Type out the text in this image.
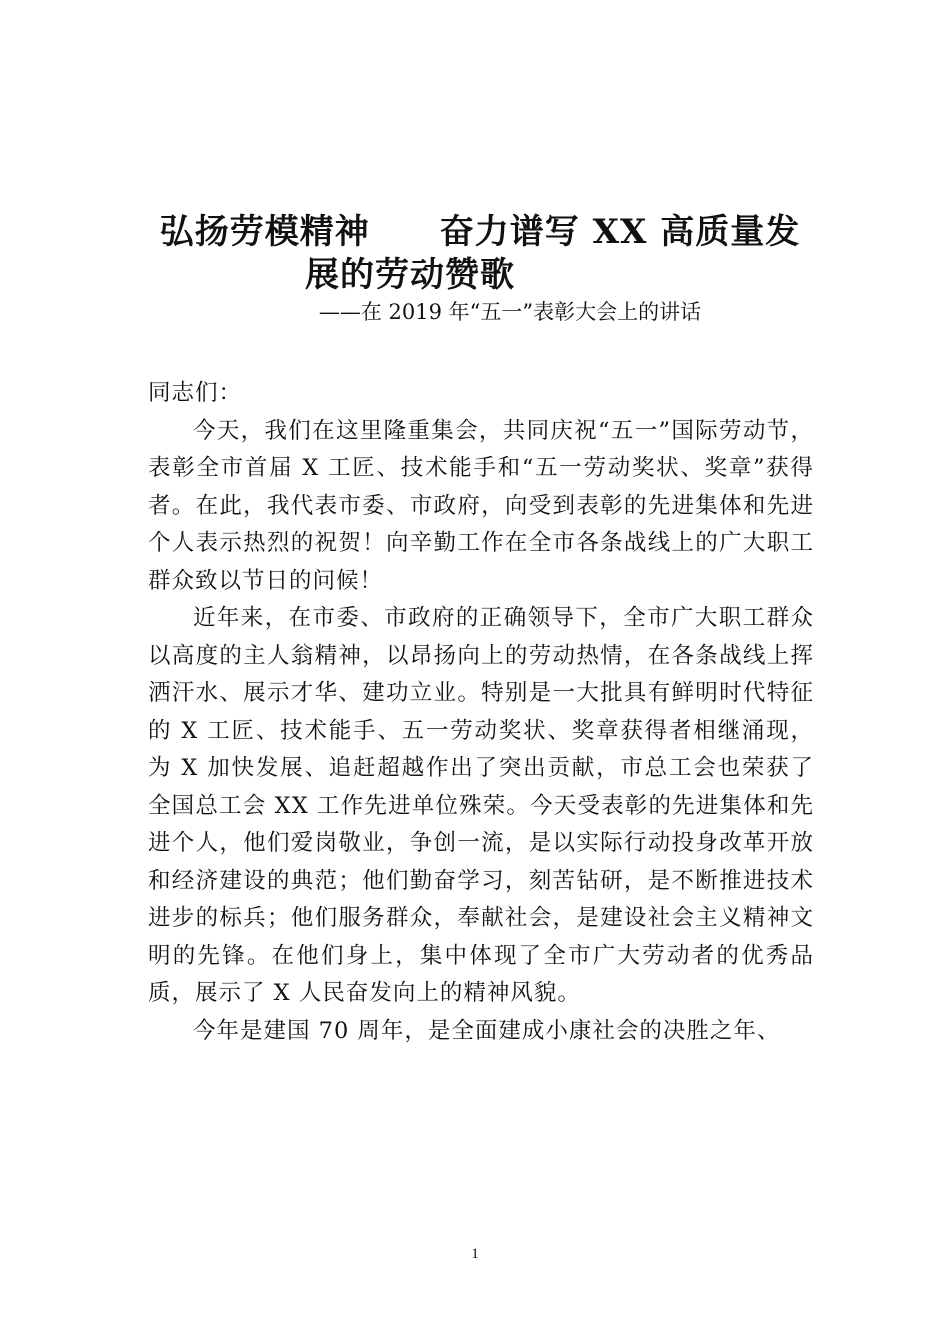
弘扬劳模精神　　奋力谱写 XX 高质量发
展的劳动赞歌

——在 2019 年“五一”表彰大会上的讲话

同志们：

今天，我们在这里隆重集会，共同庆祝“五一”国际劳动节，表彰全市首届 X 工匠、技术能手和“五一劳动奖状、奖章”获得者。在此，我代表市委、市政府，向受到表彰的先进集体和先进个人表示热烈的祝贺！向辛勤工作在全市各条战线上的广大职工群众致以节日的问候！

近年来，在市委、市政府的正确领导下，全市广大职工群众以高度的主人翁精神，以昂扬向上的劳动热情，在各条战线上挥洒汗水、展示才华、建功立业。特别是一大批具有鲜明时代特征的 X 工匠、技术能手、五一劳动奖状、奖章获得者相继涌现，为 X 加快发展、追赶超越作出了突出贡献，市总工会也荣获了全国总工会 XX 工作先进单位殊荣。今天受表彰的先进集体和先进个人，他们爱岗敬业，争创一流，是以实际行动投身改革开放和经济建设的典范；他们勤奋学习，刻苦钻研，是不断推进技术进步的标兵；他们服务群众，奉献社会，是建设社会主义精神文明的先锋。在他们身上，集中体现了全市广大劳动者的优秀品质，展示了 X 人民奋发向上的精神风貌。

今年是建国 70 周年，是全面建成小康社会的决胜之年、

1
